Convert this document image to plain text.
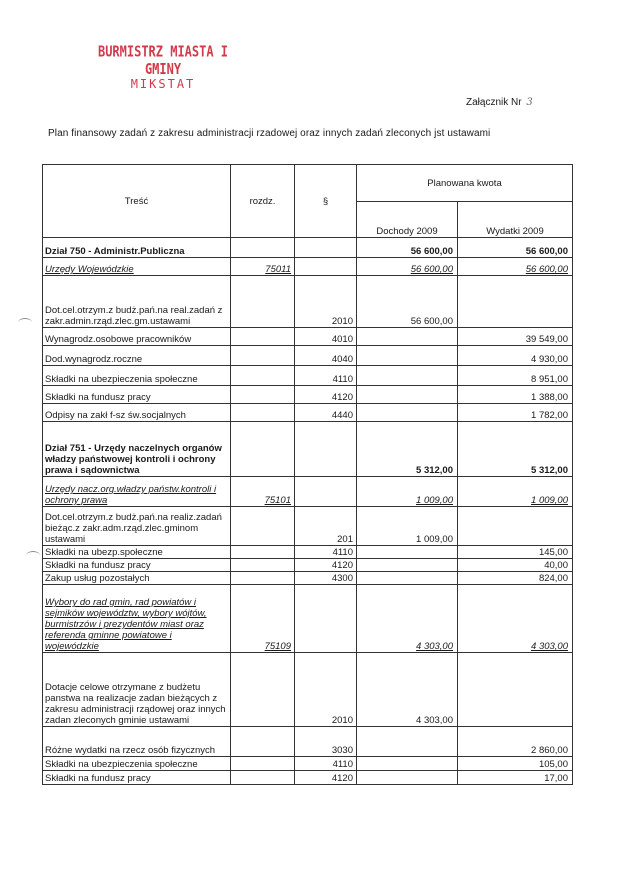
BURMISTRZ MIASTA I GMINY
MIKSTAT
Załącznik Nr 3
Plan finansowy zadań z zakresu administracji rzadowej oraz innych zadań zleconych jst ustawami
Treść	rozdz.	§	Planowana kwota	
			Dochody 2009	Wydatki 2009
Dział 750 - Administr.Publiczna			56 600,00	56 600,00
Urzędy Wojewódzkie	75011		56 600,00	56 600,00
Dot.cel.otrzym.z budż.pań.na real.zadań z zakr.admin.rząd.zlec.gm.ustawami		2010	56 600,00	
Wynagrodz.osobowe pracowników		4010		39 549,00
Dod.wynagrodz.roczne		4040		4 930,00
Składki na ubezpieczenia społeczne		4110		8 951,00
Składki na fundusz pracy		4120		1 388,00
Odpisy na zakł f-sz św.socjalnych		4440		1 782,00
Dział 751 - Urzędy naczelnych organów władzy państwowej kontroli i ochrony prawa i sądownictwa			5 312,00	5 312,00
Urzędy nacz.org.władzy państw.kontroli i ochrony prawa	75101		1 009,00	1 009,00
Dot.cel.otrzym.z budż.pań.na realiz.zadań bieżąc.z zakr.adm.rząd.zlec.gminom ustawami		201	1 009,00	
Składki na ubezp.społeczne		4110		145,00
Składki na fundusz pracy		4120		40,00
Zakup usług pozostałych		4300		824,00
Wybory do rad gmin, rad powiatów i sejmików województw, wybory wójtów, burmistrzów i prezydentów miast oraz referenda gminne powiatowe i wojewódzkie	75109		4 303,00	4 303,00
Dotacje celowe otrzymane z budżetu panstwa na realizacje zadan bieżących z zakresu administracji rządowej oraz innych zadan zleconych gminie ustawami		2010	4 303,00	
Różne wydatki na rzecz osób fizycznych		3030		2 860,00
Składki na ubezpieczenia społeczne		4110		105,00
Składki na fundusz pracy		4120		17,00
